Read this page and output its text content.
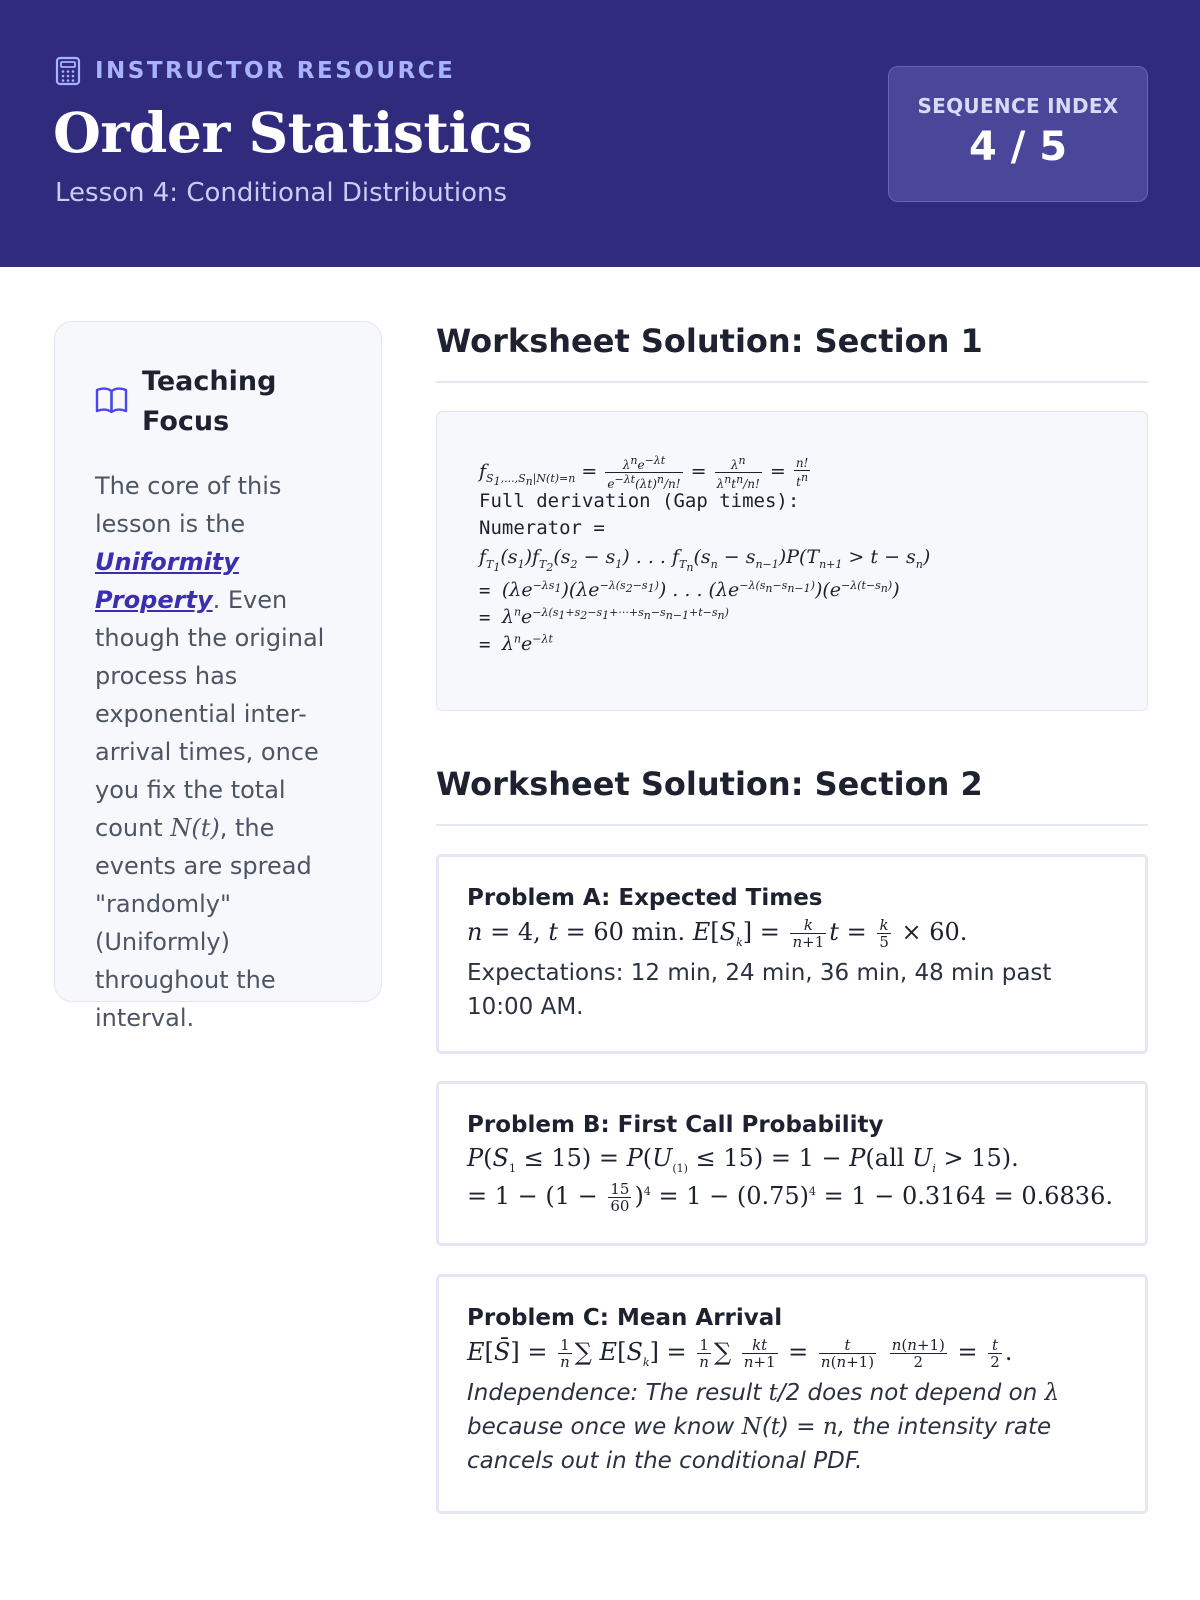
INSTRUCTOR RESOURCE
Order Statistics
Lesson 4: Conditional Distributions
SEQUENCE INDEX
4 / 5
Teaching Focus
The core of this lesson is the Uniformity Property. Even though the original process has exponential inter-arrival times, once you fix the total count N(t), the events are spread "randomly" (Uniformly) throughout the interval.
Worksheet Solution: Section 1
$f_{S_1,...,S_n|N(t)=n} = \frac{\lambda^ne^{-\lambda t}}{e^{-\lambda t}(\lambda t)^n/n!} = \frac{\lambda^n}{\lambda^nt^n/n!} = \frac{n!}{t^n}$
Full derivation (Gap times):
Numerator =
$f_{T_1}(s_1)f_{T_2}(s_2 - s_1)$ . . . $f_{T_n}(s_n - s_{n-1})P(T_{n+1} > t - s_n)$
= $(\lambda e^{-\lambda s_1})(\lambda e^{-\lambda(s_2-s_1)})$ . . . $(\lambda e^{-\lambda(s_n-s_{n-1})})(e^{-\lambda(t-s_n)})$
= $\lambda^ne^{-\lambda(s_1+s_2-s_1+\cdot\cdot\cdot+s_n-s_{n-1}+t-s_n)}$
= $\lambda^ne^{-\lambda t}$
Worksheet Solution: Section 2
Problem A: Expected Times
n = 4, t = 60 min. $E[S_k] = \frac{k}{n+1}$ $t = \frac{k}{5} \times 60$.
Expectations: 12 min, 24 min, 36 min, 48 min past 10:00 AM.
Problem B: First Call Probability
$P(S_1 \le 15) = P(U_{(1)} \le 15) = 1 - P(all$ $U_i > 15$).
= $1 - (1 - \frac{15}{60} )^4 = 1 - (0.75)^4 = 1 - 0.3164 = 0.6836$.
Problem C: Mean Arrival
E[S̄] = $\frac{1}{n}$ ∑ $E[S_k] = \frac{1}{n}$ ∑ $\frac{kt}{n+1} = \frac{t}{n(n+1)}$
$\frac{n(n+1)}{2} = \frac{t}{2}$ .
Independence: The result t/2 does not depend on λ because once we know N(t) = n, the intensity rate cancels out in the conditional PDF.
